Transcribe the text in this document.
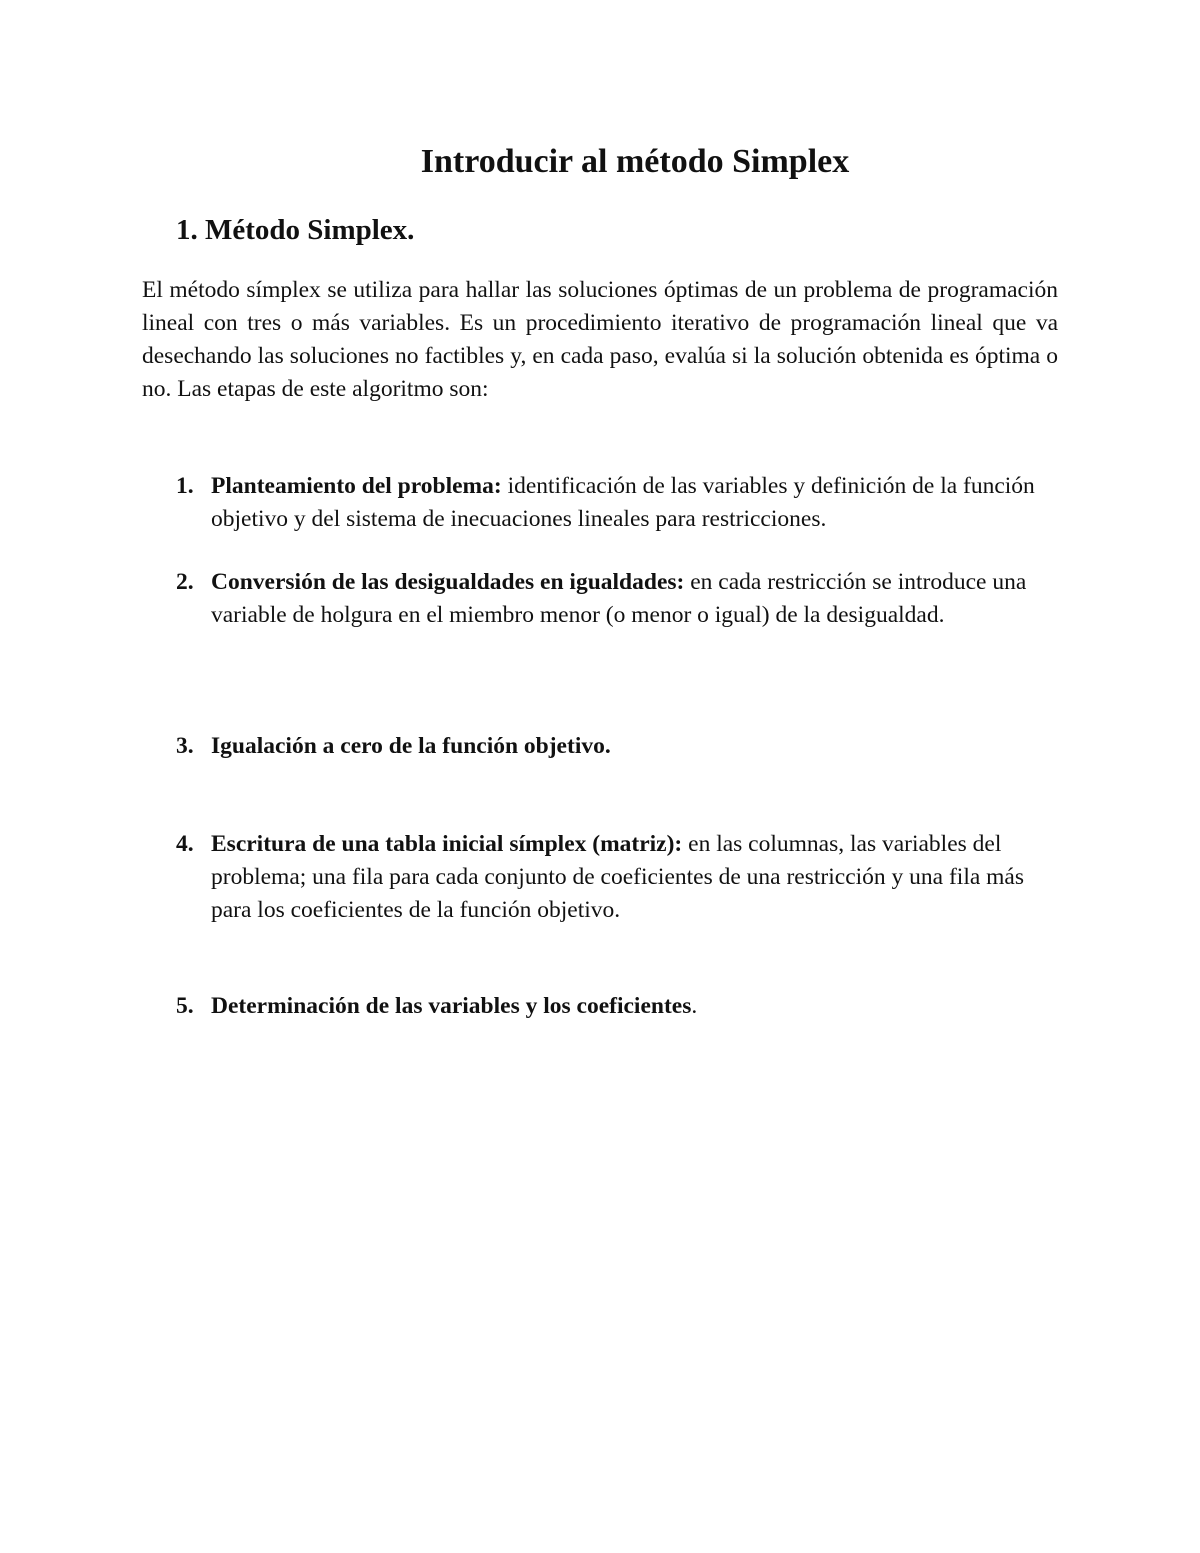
Introducir al método Simplex
1. Método Simplex.

El método símplex se utiliza para hallar las soluciones óptimas de un problema de programación lineal con tres o más variables. Es un procedimiento iterativo de programación lineal que va desechando las soluciones no factibles y, en cada paso, evalúa si la solución obtenida es óptima o no. Las etapas de este algoritmo son:

1. Planteamiento del problema: identificación de las variables y definición de la función objetivo y del sistema de inecuaciones lineales para restricciones.
2. Conversión de las desigualdades en igualdades: en cada restricción se introduce una variable de holgura en el miembro menor (o menor o igual) de la desigualdad.
3. Igualación a cero de la función objetivo.
4. Escritura de una tabla inicial símplex (matriz): en las columnas, las variables del problema; una fila para cada conjunto de coeficientes de una restricción y una fila más para los coeficientes de la función objetivo.
5. Determinación de las variables y los coeficientes.
